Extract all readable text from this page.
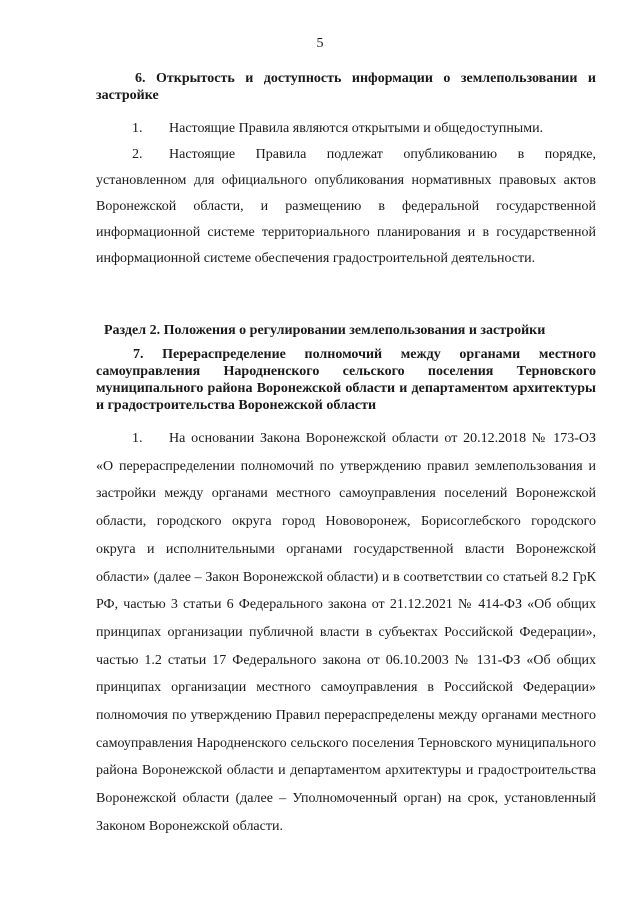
5
6. Открытость и доступность информации о землепользовании и застройке
1. Настоящие Правила являются открытыми и общедоступными.
2. Настоящие Правила подлежат опубликованию в порядке, установленном для официального опубликования нормативных правовых актов Воронежской области, и размещению в федеральной государственной информационной системе территориального планирования и в государственной информационной системе обеспечения градостроительной деятельности.
Раздел 2. Положения о регулировании землепользования и застройки
7. Перераспределение полномочий между органами местного самоуправления Народненского сельского поселения Терновского муниципального района Воронежской области и департаментом архитектуры и градостроительства Воронежской области
1. На основании Закона Воронежской области от 20.12.2018 № 173-ОЗ «О перераспределении полномочий по утверждению правил землепользования и застройки между органами местного самоуправления поселений Воронежской области, городского округа город Нововоронеж, Борисоглебского городского округа и исполнительными органами государственной власти Воронежской области» (далее – Закон Воронежской области) и в соответствии со статьей 8.2 ГрК РФ, частью 3 статьи 6 Федерального закона от 21.12.2021 № 414-ФЗ «Об общих принципах организации публичной власти в субъектах Российской Федерации», частью 1.2 статьи 17 Федерального закона от 06.10.2003 № 131-ФЗ «Об общих принципах организации местного самоуправления в Российской Федерации» полномочия по утверждению Правил перераспределены между органами местного самоуправления Народненского сельского поселения Терновского муниципального района Воронежской области и департаментом архитектуры и градостроительства Воронежской области (далее – Уполномоченный орган) на срок, установленный Законом Воронежской области.
